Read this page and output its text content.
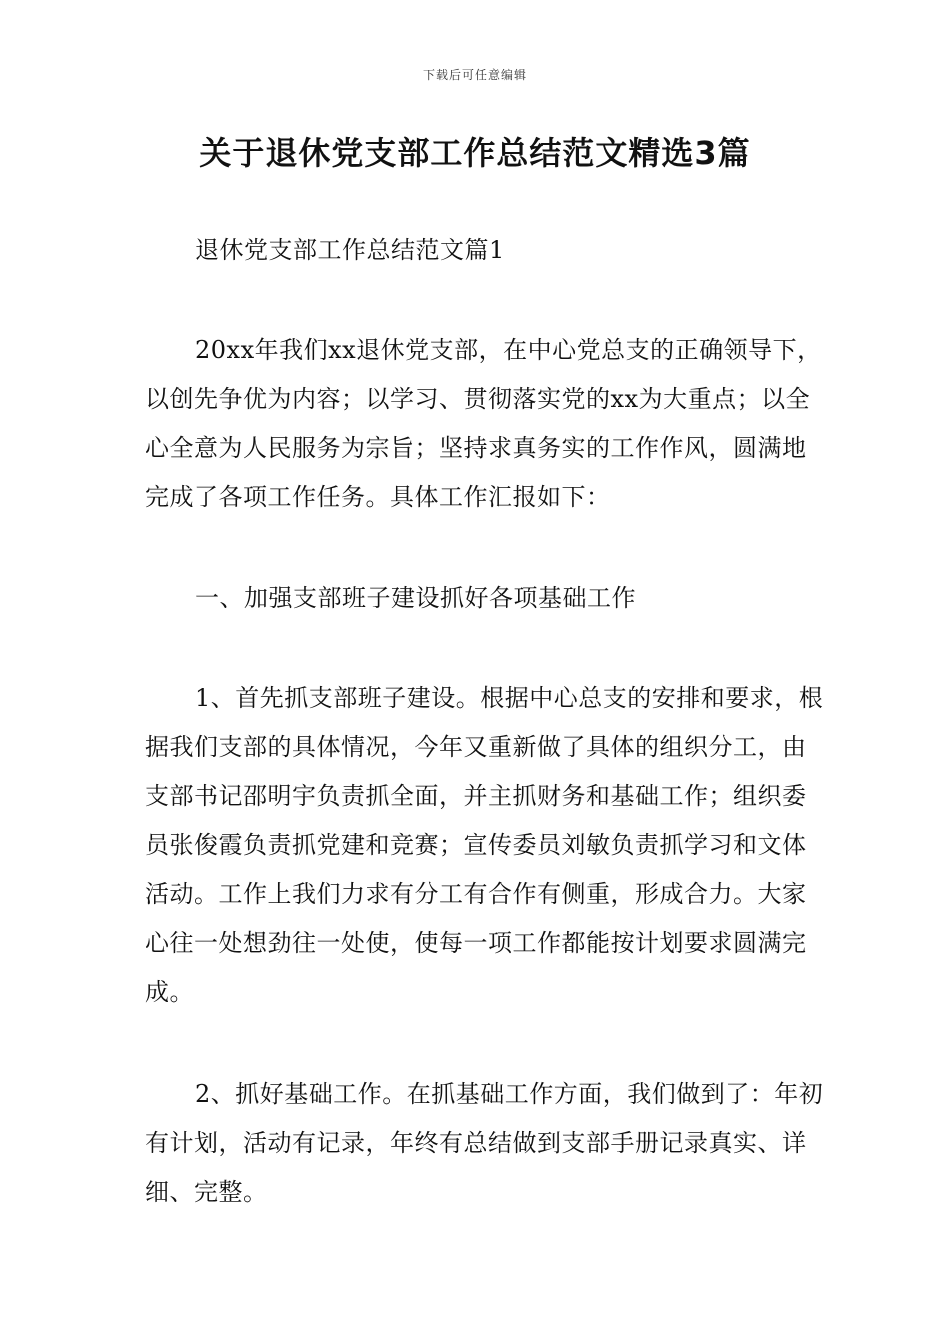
下载后可任意编辑
关于退休党支部工作总结范文精选3篇

退休党支部工作总结范文篇1

20xx年我们xx退休党支部，在中心党总支的正确领导下，以创先争优为内容；以学习、贯彻落实党的xx为大重点；以全心全意为人民服务为宗旨；坚持求真务实的工作作风，圆满地完成了各项工作任务。具体工作汇报如下：

一、加强支部班子建设抓好各项基础工作

1、首先抓支部班子建设。根据中心总支的安排和要求，根据我们支部的具体情况，今年又重新做了具体的组织分工，由支部书记邵明宇负责抓全面，并主抓财务和基础工作；组织委员张俊霞负责抓党建和竞赛；宣传委员刘敏负责抓学习和文体活动。工作上我们力求有分工有合作有侧重，形成合力。大家心往一处想劲往一处使，使每一项工作都能按计划要求圆满完成。

2、抓好基础工作。在抓基础工作方面，我们做到了：年初有计划，活动有记录，年终有总结做到支部手册记录真实、详细、完整。
